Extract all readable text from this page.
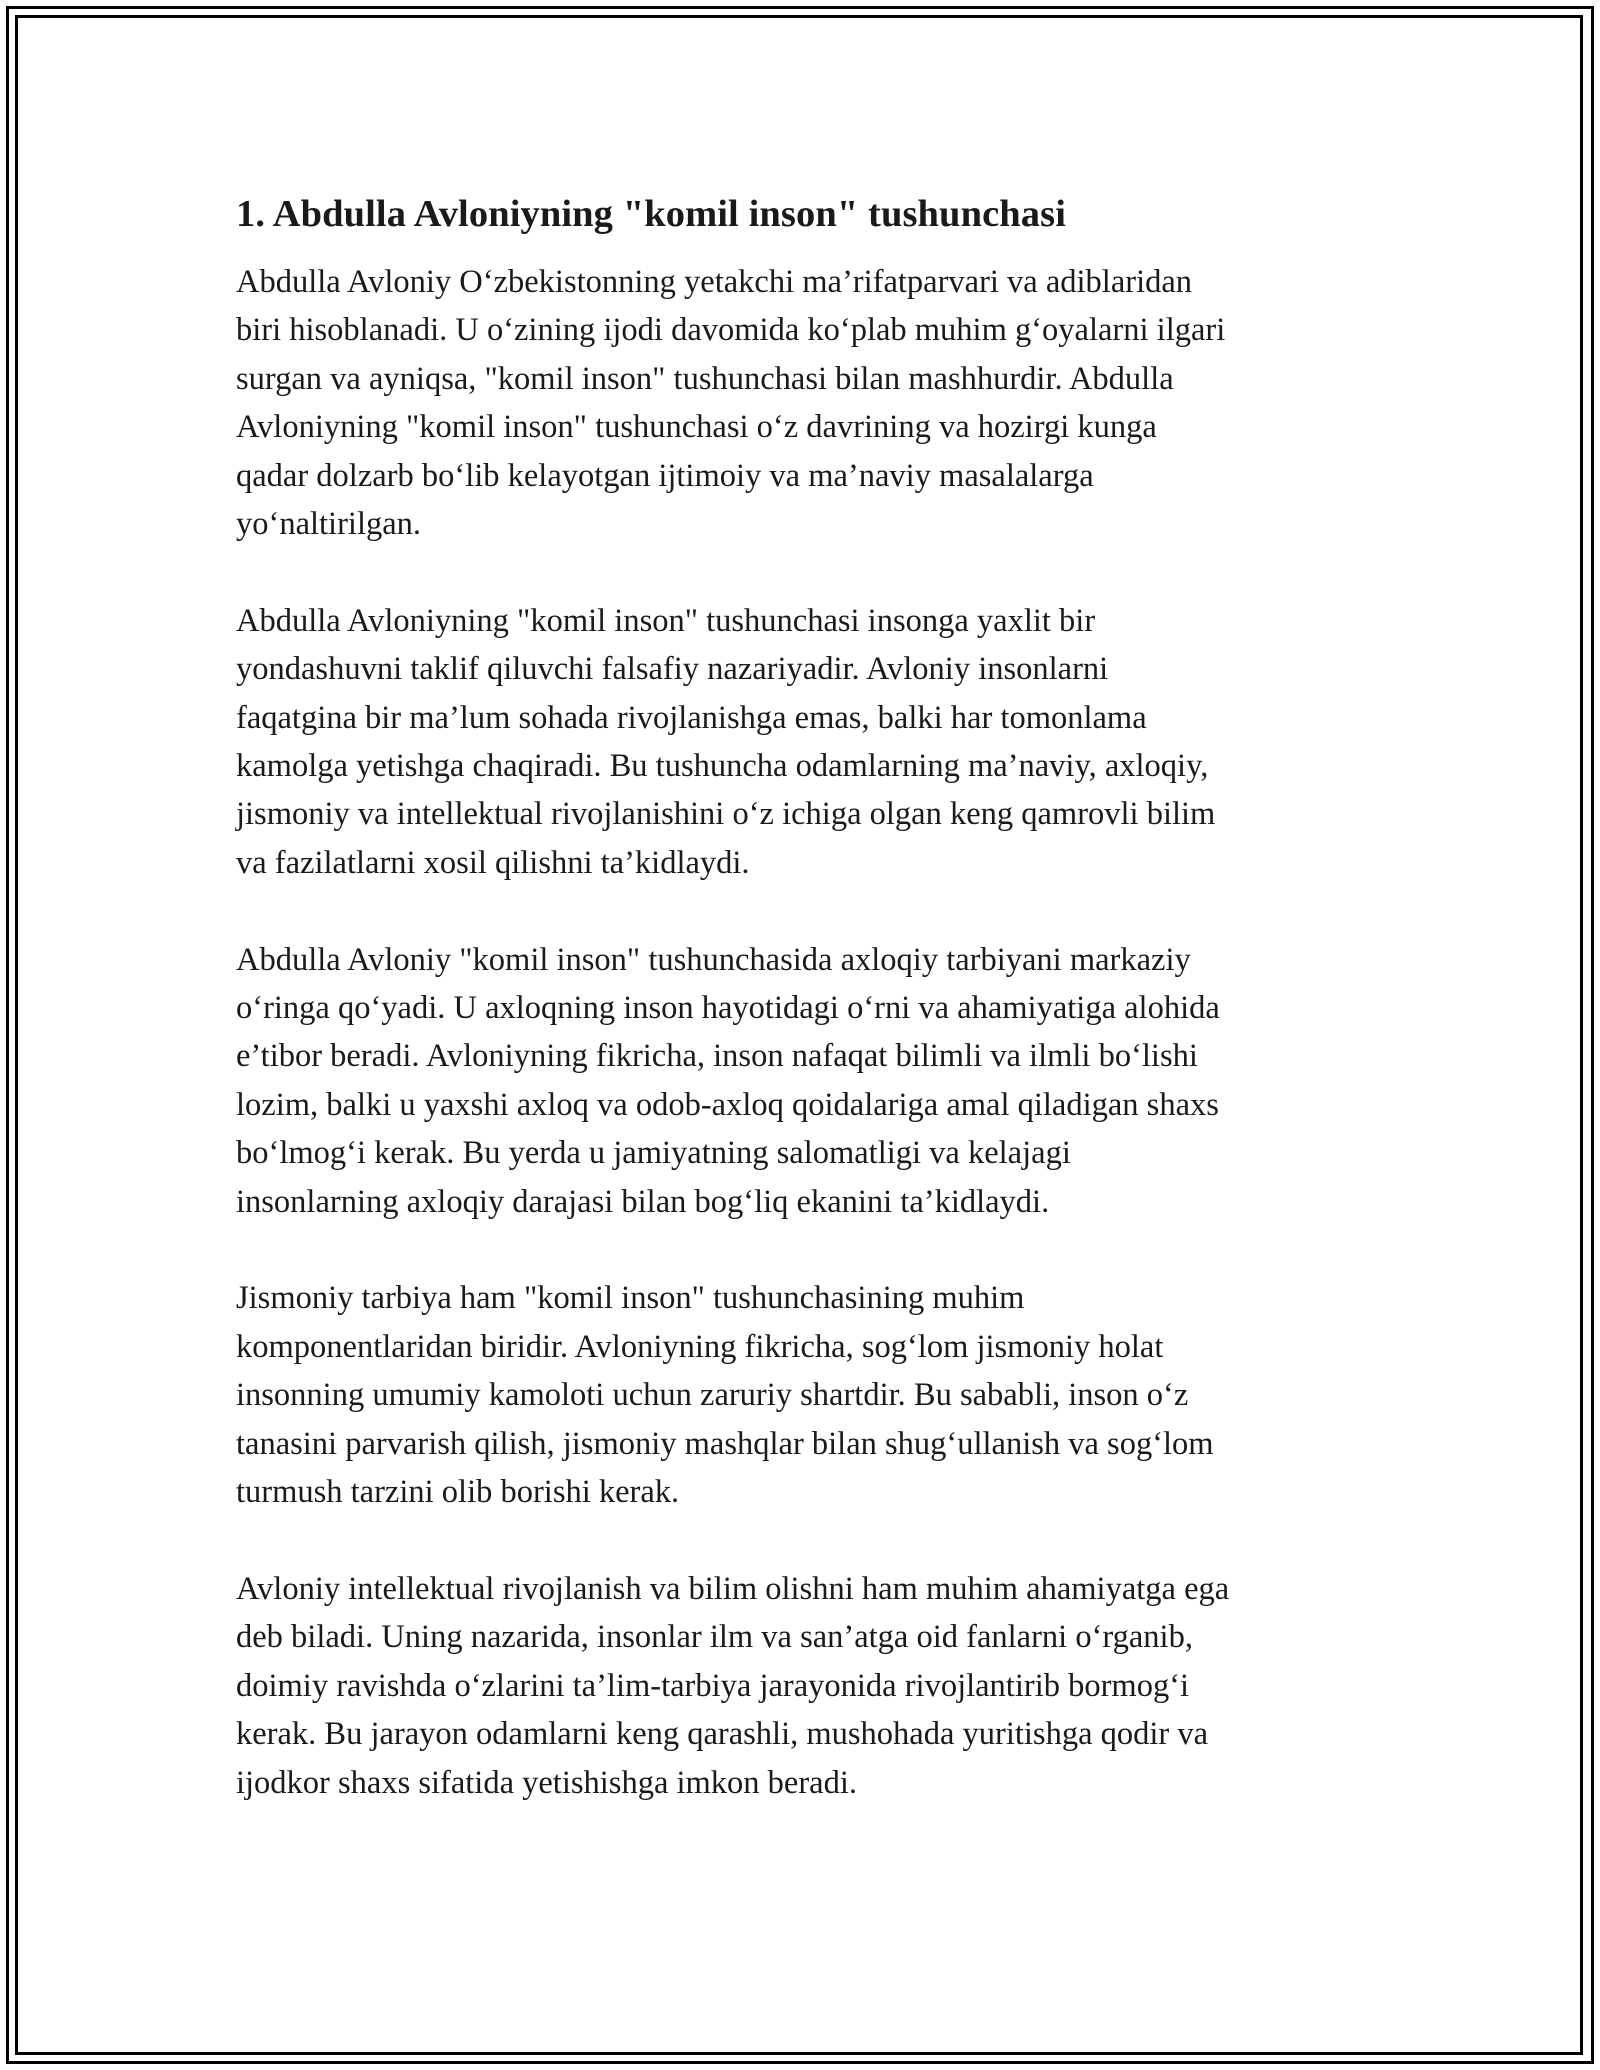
1. Abdulla Avloniyning "komil inson" tushunchasi

Abdulla Avloniy O‘zbekistonning yetakchi ma’rifatparvari va adiblaridan
biri hisoblanadi. U o‘zining ijodi davomida ko‘plab muhim g‘oyalarni ilgari
surgan va ayniqsa, "komil inson" tushunchasi bilan mashhurdir. Abdulla
Avloniyning "komil inson" tushunchasi o‘z davrining va hozirgi kunga
qadar dolzarb bo‘lib kelayotgan ijtimoiy va ma’naviy masalalarga
yo‘naltirilgan.

Abdulla Avloniyning "komil inson" tushunchasi insonga yaxlit bir
yondashuvni taklif qiluvchi falsafiy nazariyadir. Avloniy insonlarni
faqatgina bir ma’lum sohada rivojlanishga emas, balki har tomonlama
kamolga yetishga chaqiradi. Bu tushuncha odamlarning ma’naviy, axloqiy,
jismoniy va intellektual rivojlanishini o‘z ichiga olgan keng qamrovli bilim
va fazilatlarni xosil qilishni ta’kidlaydi.

Abdulla Avloniy "komil inson" tushunchasida axloqiy tarbiyani markaziy
o‘ringa qo‘yadi. U axloqning inson hayotidagi o‘rni va ahamiyatiga alohida
e’tibor beradi. Avloniyning fikricha, inson nafaqat bilimli va ilmli bo‘lishi
lozim, balki u yaxshi axloq va odob-axloq qoidalariga amal qiladigan shaxs
bo‘lmog‘i kerak. Bu yerda u jamiyatning salomatligi va kelajagi
insonlarning axloqiy darajasi bilan bog‘liq ekanini ta’kidlaydi.

Jismoniy tarbiya ham "komil inson" tushunchasining muhim
komponentlaridan biridir. Avloniyning fikricha, sog‘lom jismoniy holat
insonning umumiy kamoloti uchun zaruriy shartdir. Bu sababli, inson o‘z
tanasini parvarish qilish, jismoniy mashqlar bilan shug‘ullanish va sog‘lom
turmush tarzini olib borishi kerak.

Avloniy intellektual rivojlanish va bilim olishni ham muhim ahamiyatga ega
deb biladi. Uning nazarida, insonlar ilm va san’atga oid fanlarni o‘rganib,
doimiy ravishda o‘zlarini ta’lim-tarbiya jarayonida rivojlantirib bormog‘i
kerak. Bu jarayon odamlarni keng qarashli, mushohada yuritishga qodir va
ijodkor shaxs sifatida yetishishga imkon beradi.
